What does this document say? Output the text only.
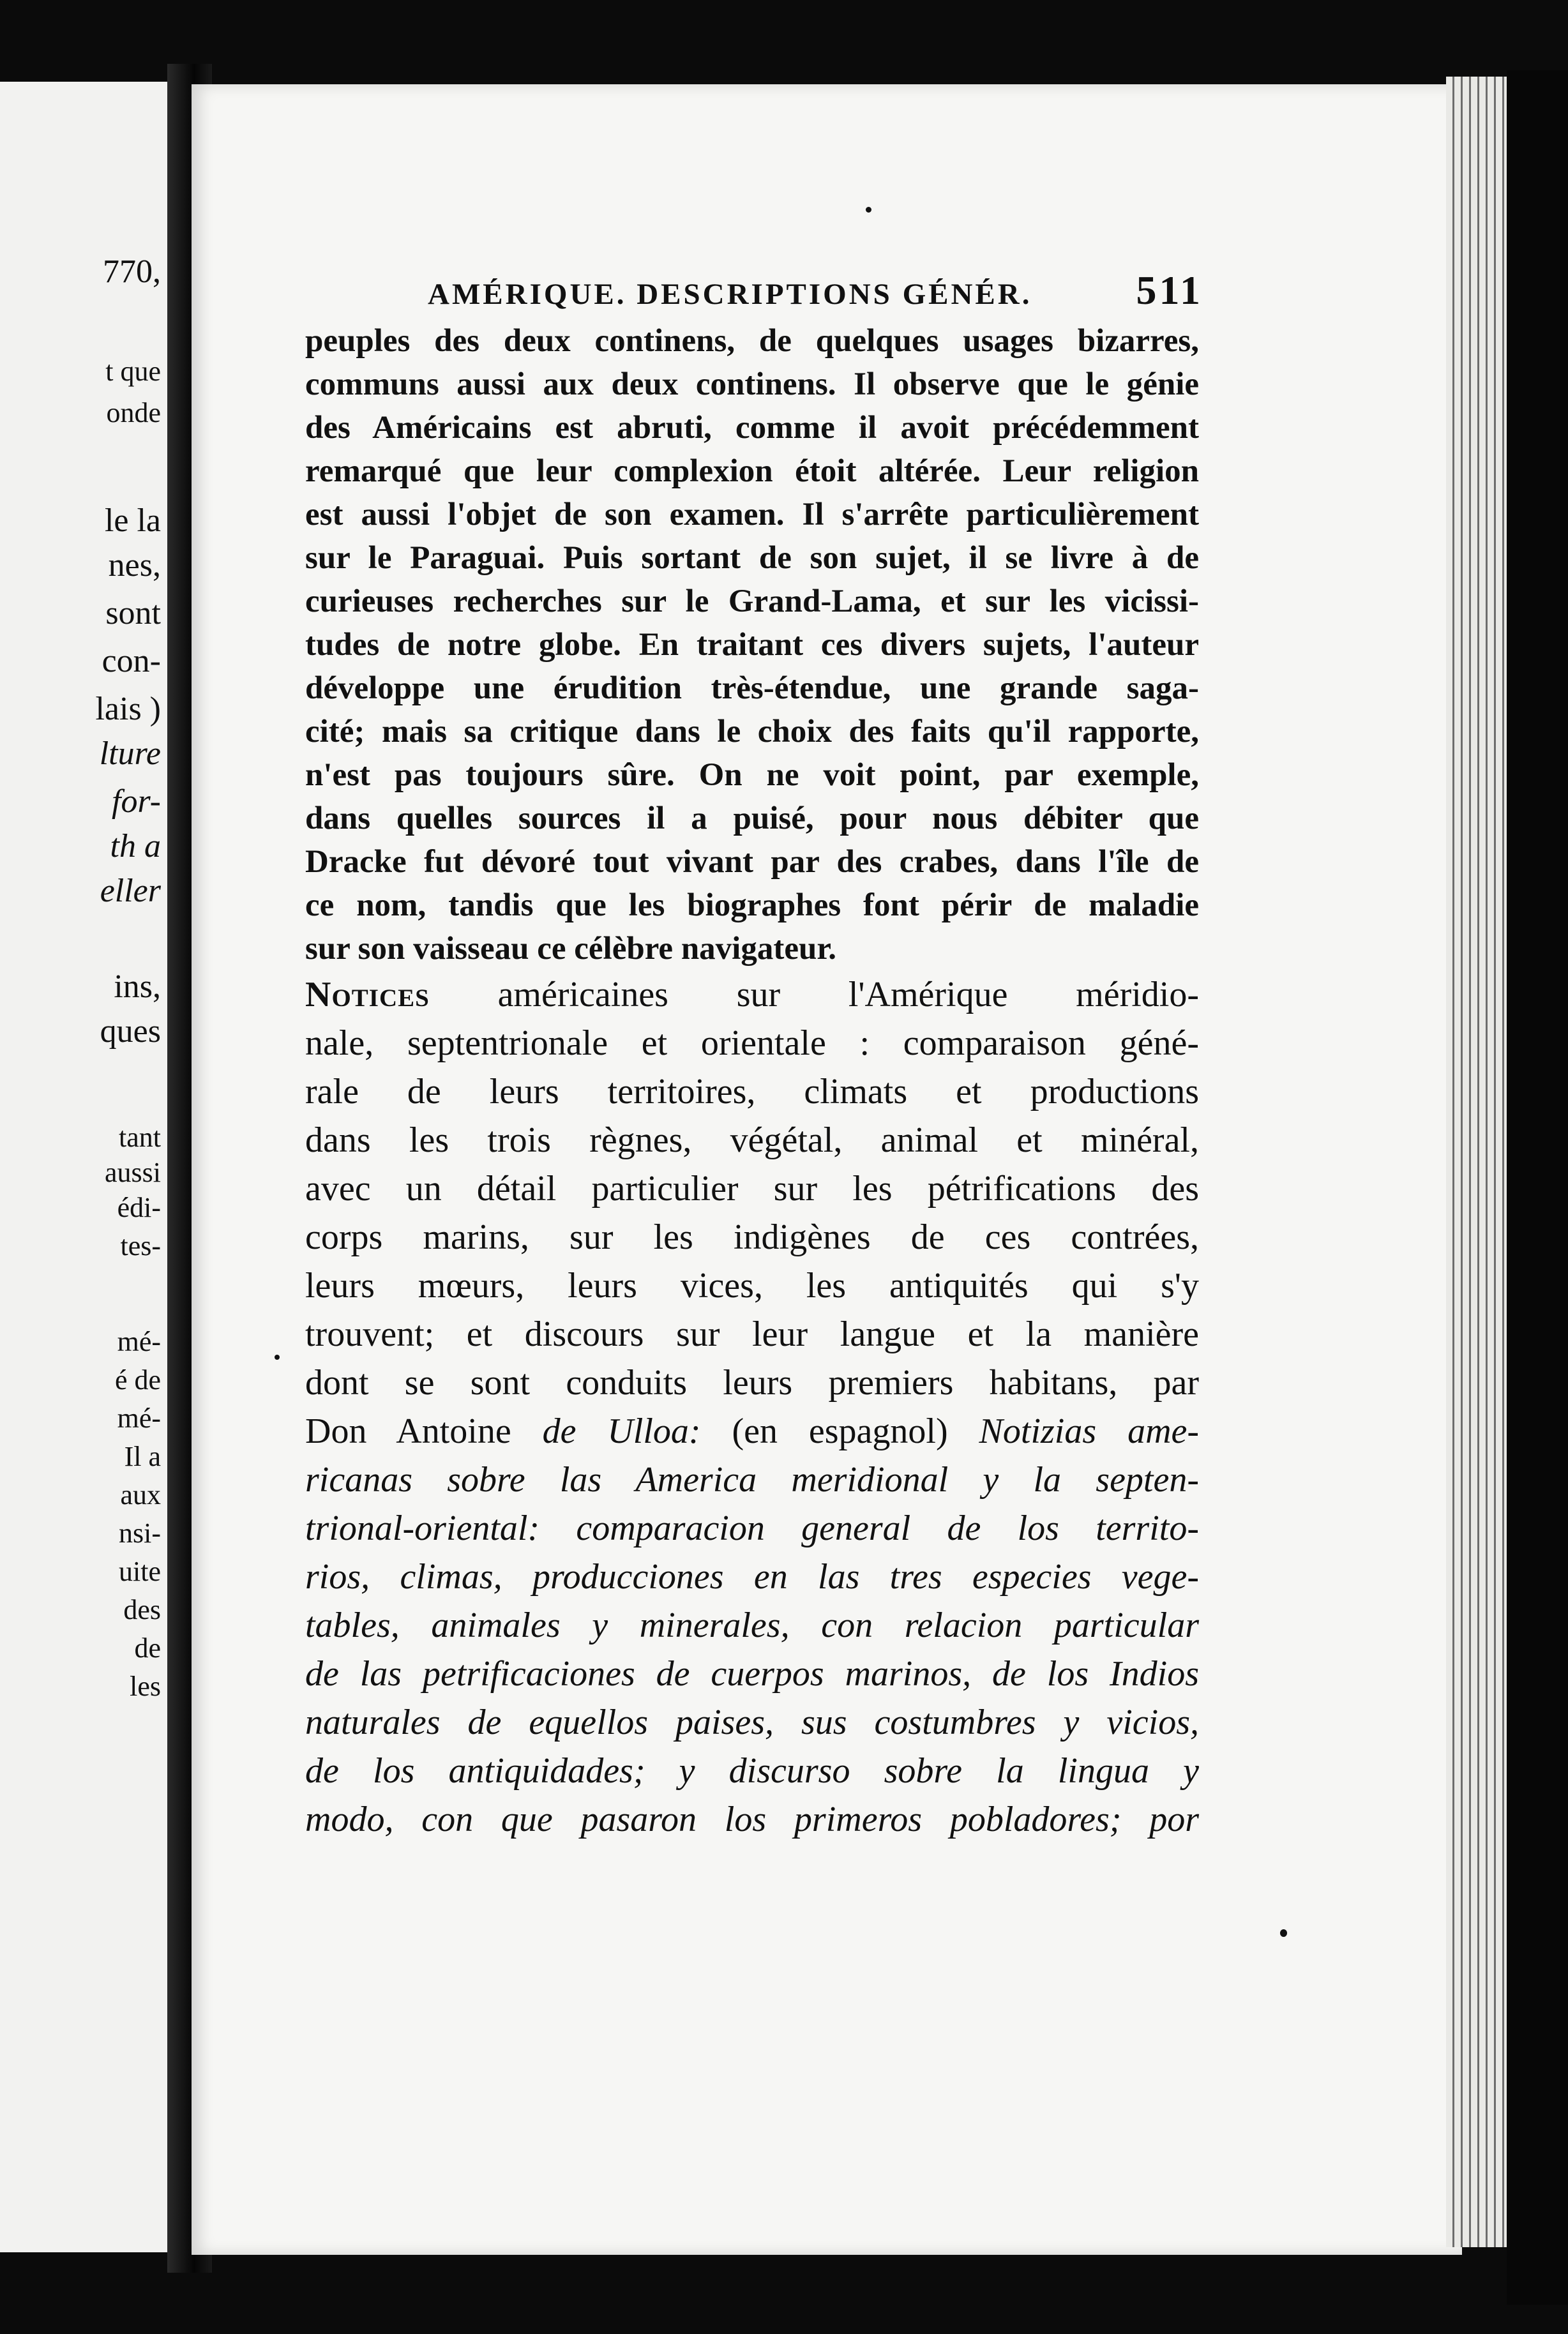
770,
t que
onde
le la
nes,
sont
con-
lais )
lture
for-
th a
eller
ins,
ques
tant
aussi
édi-
tes-
mé-
é de
mé-
Il a
aux
nsi-
uite
des
de
les
AMÉRIQUE. DESCRIPTIONS GÉNÉR.	511
peuples des deux continens, de quelques usages bizarres,
communs aussi aux deux continens. Il observe que le génie
des Américains est abruti, comme il avoit précédemment
remarqué que leur complexion étoit altérée. Leur religion
est aussi l'objet de son examen. Il s'arrête particulièrement
sur le Paraguai. Puis sortant de son sujet, il se livre à de
curieuses recherches sur le Grand-Lama, et sur les vicissi-
tudes de notre globe. En traitant ces divers sujets, l'auteur
développe une érudition très-étendue, une grande saga-
cité; mais sa critique dans le choix des faits qu'il rapporte,
n'est pas toujours sûre. On ne voit point, par exemple,
dans quelles sources il a puisé, pour nous débiter que
Dracke fut dévoré tout vivant par des crabes, dans l'île de
ce nom, tandis que les biographes font périr de maladie
sur son vaisseau ce célèbre navigateur.
Notices américaines sur l'Amérique méridio-
nale, septentrionale et orientale : comparaison géné-
rale de leurs territoires, climats et productions
dans les trois règnes, végétal, animal et minéral,
avec un détail particulier sur les pétrifications des
corps marins, sur les indigènes de ces contrées,
leurs mœurs, leurs vices, les antiquités qui s'y
trouvent; et discours sur leur langue et la manière
dont se sont conduits leurs premiers habitans, par
Don Antoine de Ulloa: (en espagnol) Notizias ame-
ricanas sobre las America meridional y la septen-
trional-oriental: comparacion general de los territo-
rios, climas, producciones en las tres especies vege-
tables, animales y minerales, con relacion particular
de las petrificaciones de cuerpos marinos, de los Indios
naturales de equellos paises, sus costumbres y vicios,
de los antiquidades; y discurso sobre la lingua y
modo, con que pasaron los primeros pobladores; por
